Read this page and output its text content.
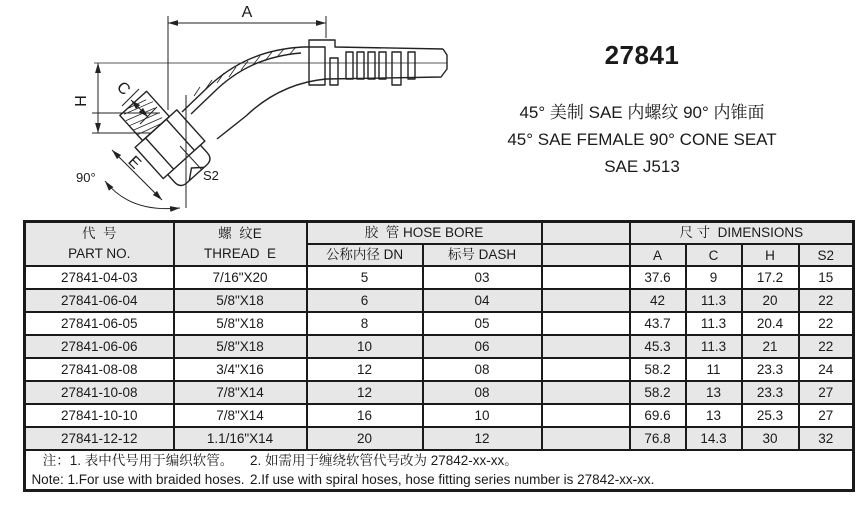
A
H
C
E
90°	S2
27841
45° 美制 SAE 内螺纹 90° 内锥面
45° SAE FEMALE 90° CONE SEAT
SAE J513
代  号
PART NO.

螺  纹E
THREAD  E

胶  管 HOSE BORE		尺 寸  DIMENSIONS

		公称内径 DN	标号 DASH		A	C	H	S2
27841-04-03	7/16"X20	5	03		37.6	9	17.2	15
27841-06-04	5/8"X18	6	04		42	11.3	20	22
27841-06-05	5/8"X18	8	05		43.7	11.3	20.4	22
27841-06-06	5/8"X18	10	06		45.3	11.3	21	22
27841-08-08	3/4"X16	12	08		58.2	11	23.3	24
27841-10-08	7/8"X14	12	08		58.2	13	23.3	27
27841-10-10	7/8"X14	16	10		69.6	13	25.3	27
27841-12-12	1.1/16"X14	20	12		76.8	14.3	30	32

注：1. 表中代号用于编织软管。 2. 如需用于缠绕软管代号改为 27842-xx-xx。
Note: 1.For use with braided hoses. 2.If use with spiral hoses, hose fitting series number is 27842-xx-xx.								
